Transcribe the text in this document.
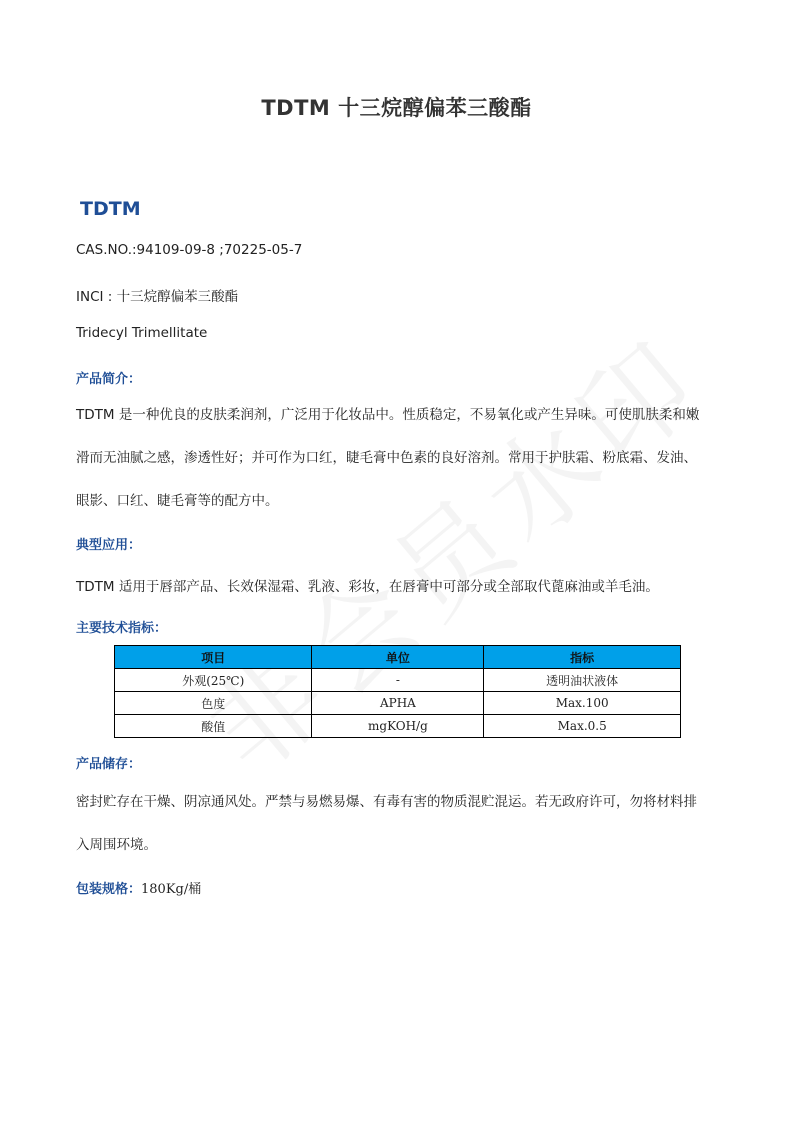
TDTM 十三烷醇偏苯三酸酯
TDTM
CAS.NO.:94109-09-8 ;70225-05-7
INCI : 十三烷醇偏苯三酸酯
Tridecyl Trimellitate
产品简介：
TDTM 是一种优良的皮肤柔润剂，广泛用于化妆品中。性质稳定，不易氧化或产生异味。可使肌肤柔和嫩
滑而无油腻之感，渗透性好；并可作为口红，睫毛膏中色素的良好溶剂。常用于护肤霜、粉底霜、发油、
眼影、口红、睫毛膏等的配方中。
典型应用：
TDTM 适用于唇部产品、长效保湿霜、乳液、彩妆，在唇膏中可部分或全部取代蓖麻油或羊毛油。
主要技术指标：
项目	单位	指标
外观(25℃)	-	透明油状液体
色度	APHA	Max.100
酸值	mgKOH/g	Max.0.5
产品储存：
密封贮存在干燥、阴凉通风处。严禁与易燃易爆、有毒有害的物质混贮混运。若无政府许可，勿将材料排
入周围环境。
包装规格：180Kg/桶
